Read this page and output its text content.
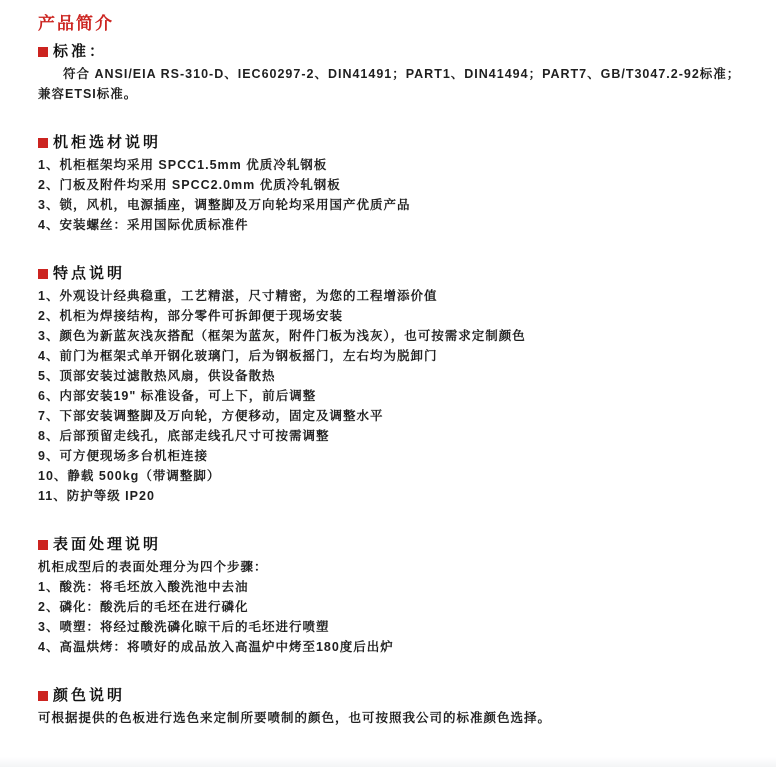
产品简介
标准：

符合 ANSI/EIA RS-310-D、IEC60297-2、DIN41491；PART1、DIN41494；PART7、GB/T3047.2-92标准；兼容ETSI标准。

机柜选材说明
1、机柜框架均采用 SPCC1.5mm 优质冷轧钢板
2、门板及附件均采用 SPCC2.0mm 优质冷轧钢板
3、锁，风机，电源插座，调整脚及万向轮均采用国产优质产品
4、安装螺丝：采用国际优质标准件
特点说明
1、外观设计经典稳重，工艺精湛，尺寸精密，为您的工程增添价值
2、机柜为焊接结构，部分零件可拆卸便于现场安装
3、颜色为新蓝灰浅灰搭配（框架为蓝灰，附件门板为浅灰），也可按需求定制颜色
4、前门为框架式单开钢化玻璃门，后为钢板摇门，左右均为脱卸门
5、顶部安装过滤散热风扇，供设备散热
6、内部安装19" 标准设备，可上下，前后调整
7、下部安装调整脚及万向轮，方便移动，固定及调整水平
8、后部预留走线孔，底部走线孔尺寸可按需调整
9、可方便现场多台机柜连接
10、静载 500kg（带调整脚）
11、防护等级 IP20
表面处理说明

机柜成型后的表面处理分为四个步骤：

1、酸洗：将毛坯放入酸洗池中去油
2、磷化：酸洗后的毛坯在进行磷化
3、喷塑：将经过酸洗磷化晾干后的毛坯进行喷塑
4、高温烘烤：将喷好的成品放入高温炉中烤至180度后出炉
颜色说明

可根据提供的色板进行选色来定制所要喷制的颜色，也可按照我公司的标准颜色选择。
